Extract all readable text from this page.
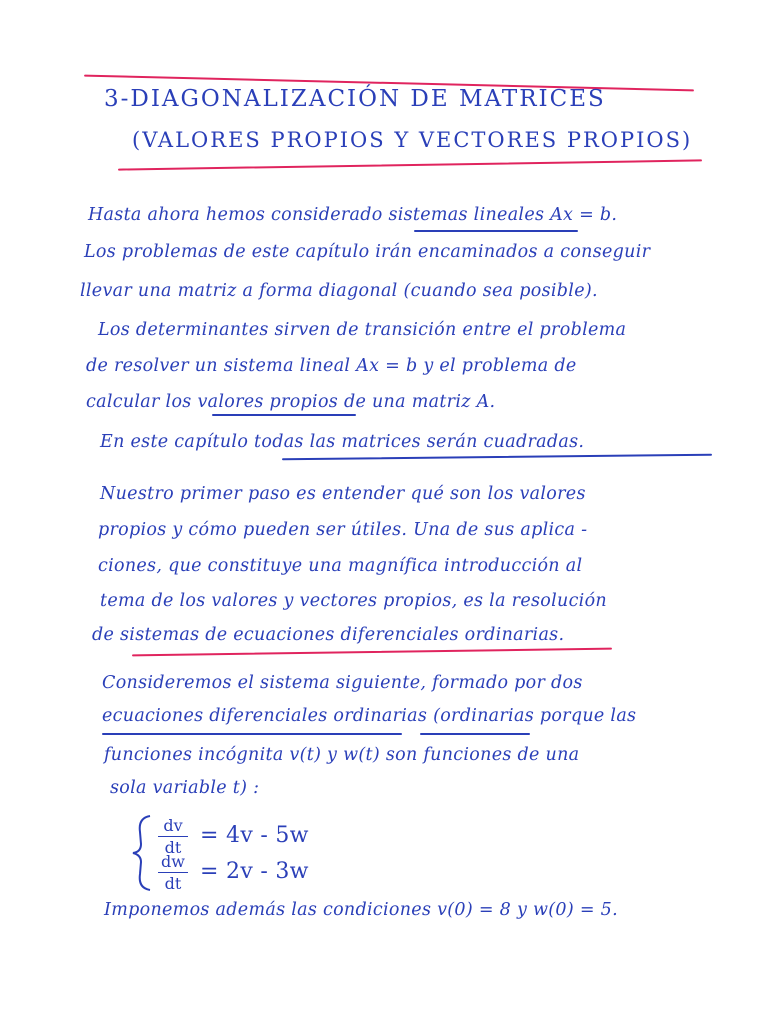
3-DIAGONALIZACIÓN DE MATRICES
(VALORES PROPIOS Y VECTORES PROPIOS)
Hasta ahora hemos considerado sistemas lineales Ax = b.
Los problemas de este capítulo irán encaminados a conseguir
llevar una matriz a forma diagonal (cuando sea posible).
Los determinantes sirven de transición entre el problema
de resolver un sistema lineal Ax = b y el problema de
calcular los valores propios de una matriz A.
En este capítulo todas las matrices serán cuadradas.
Nuestro primer paso es entender qué son los valores
propios y cómo pueden ser útiles. Una de sus aplica -
ciones, que constituye una magnífica introducción al
tema de los valores y vectores propios, es la resolución
de sistemas de ecuaciones diferenciales ordinarias.
Consideremos el sistema siguiente, formado por dos
ecuaciones diferenciales ordinarias (ordinarias porque las
funciones incógnita v(t) y w(t) son funciones de una
sola variable t) :
dv
dt = 4v - 5w
dw
dt = 2v - 3w
Imponemos además las condiciones v(0) = 8 y w(0) = 5.
